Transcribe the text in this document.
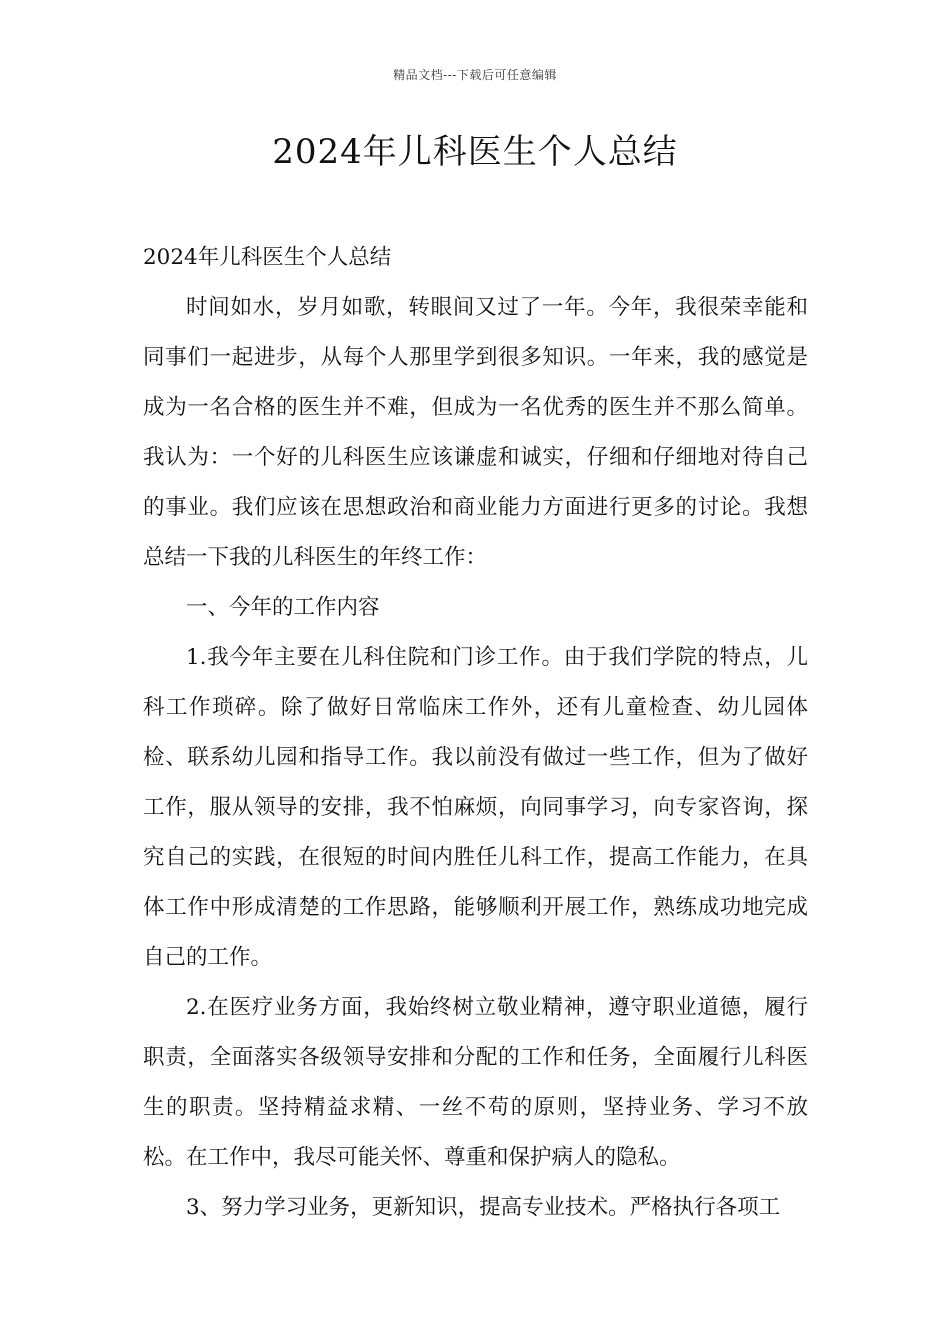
精品文档---下载后可任意编辑
2024年儿科医生个人总结

2024年儿科医生个人总结

时间如水，岁月如歌，转眼间又过了一年。今年，我很荣幸能和同事们一起进步，从每个人那里学到很多知识。一年来，我的感觉是成为一名合格的医生并不难，但成为一名优秀的医生并不那么简单。我认为：一个好的儿科医生应该谦虚和诚实，仔细和仔细地对待自己的事业。我们应该在思想政治和商业能力方面进行更多的讨论。我想总结一下我的儿科医生的年终工作：

一、今年的工作内容

1.我今年主要在儿科住院和门诊工作。由于我们学院的特点，儿科工作琐碎。除了做好日常临床工作外，还有儿童检查、幼儿园体检、联系幼儿园和指导工作。我以前没有做过一些工作，但为了做好工作，服从领导的安排，我不怕麻烦，向同事学习，向专家咨询，探究自己的实践，在很短的时间内胜任儿科工作，提高工作能力，在具体工作中形成清楚的工作思路，能够顺利开展工作，熟练成功地完成自己的工作。

2.在医疗业务方面，我始终树立敬业精神，遵守职业道德，履行职责，全面落实各级领导安排和分配的工作和任务，全面履行儿科医生的职责。坚持精益求精、一丝不苟的原则，坚持业务、学习不放松。在工作中，我尽可能关怀、尊重和保护病人的隐私。

3、努力学习业务，更新知识，提高专业技术。严格执行各项工
